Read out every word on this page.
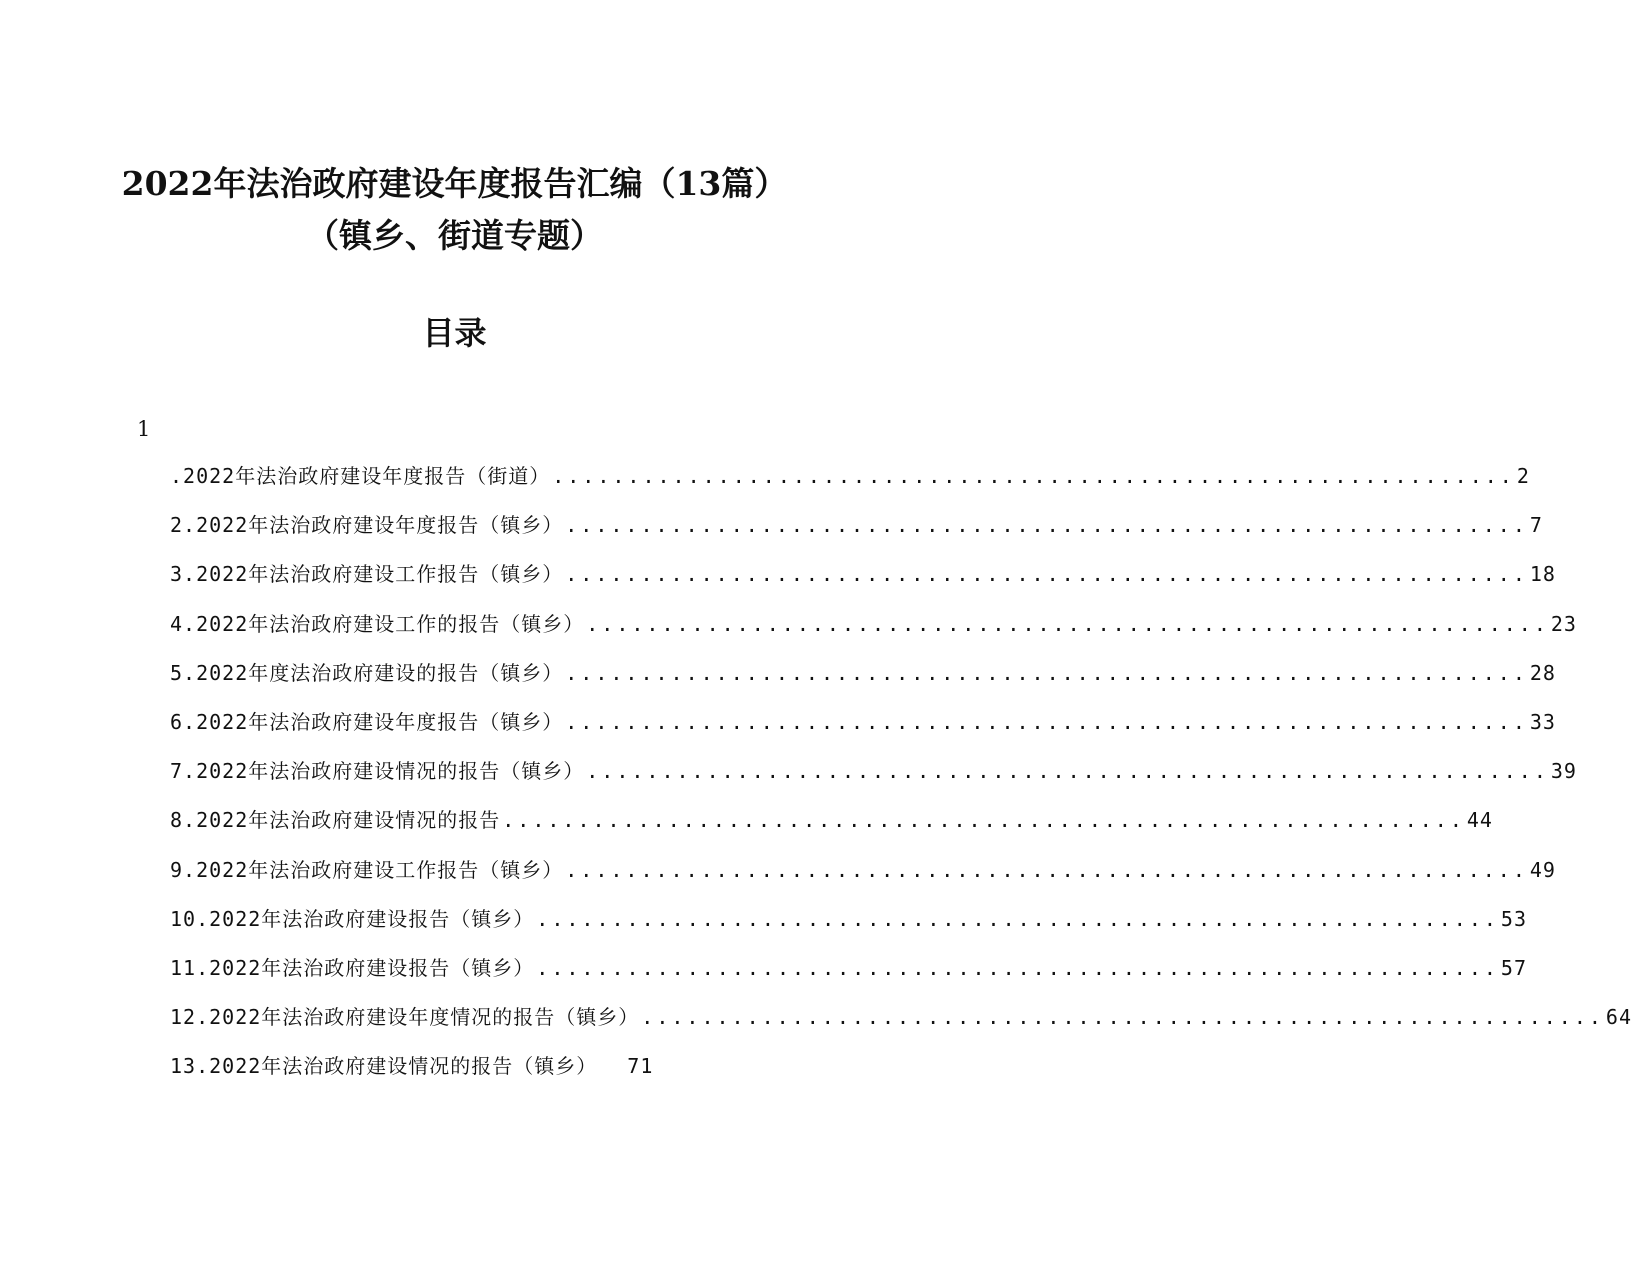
2022年法治政府建设年度报告汇编（13篇）
（镇乡、街道专题）
目录
1
.2022年法治政府建设年度报告（街道） ................................................................ 2
2.2022年法治政府建设年度报告（镇乡） ................................................................ 7
3.2022年法治政府建设工作报告（镇乡） ................................................................ 18
4.2022年法治政府建设工作的报告（镇乡） ................................................................ 23
5.2022年度法治政府建设的报告（镇乡） ................................................................ 28
6.2022年法治政府建设年度报告（镇乡） ................................................................ 33
7.2022年法治政府建设情况的报告（镇乡） ................................................................ 39
8.2022年法治政府建设情况的报告 ................................................................ 44
9.2022年法治政府建设工作报告（镇乡） ................................................................ 49
10.2022年法治政府建设报告（镇乡） ................................................................ 53
11.2022年法治政府建设报告（镇乡） ................................................................ 57
12.2022年法治政府建设年度情况的报告（镇乡） ................................................................ 64
13.2022年法治政府建设情况的报告（镇乡） 71
